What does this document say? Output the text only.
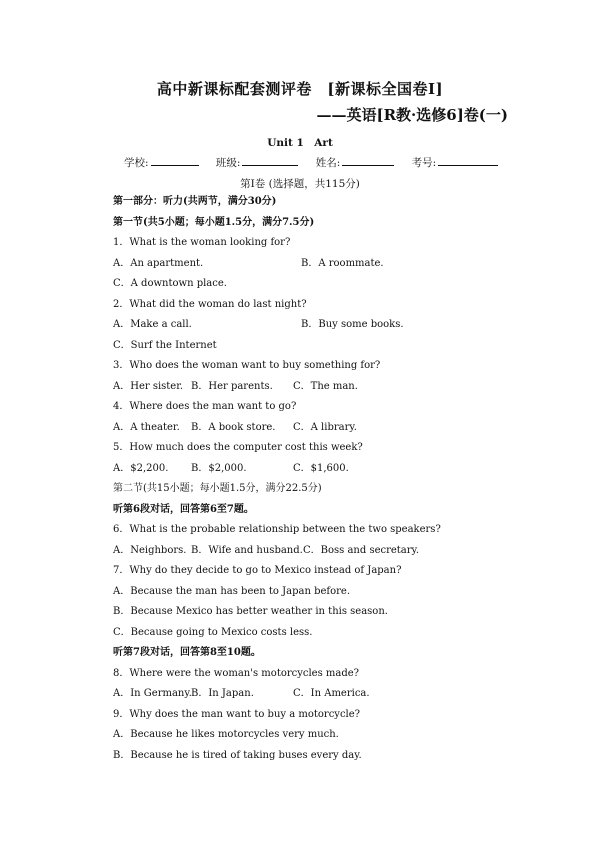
高中新课标配套测评卷　[新课标全国卷Ⅰ]
——英语[R教·选修6]卷(一)
Unit 1　Art
学校:	班级:	姓名:	考号:
第Ⅰ卷 (选择题，共115分)
第一部分：听力(共两节，满分30分)
第一节(共5小题；每小题1.5分，满分7.5分)
1．What is the woman looking for?
A．An apartment.	B．A roommate.
C．A downtown place.
2．What did the woman do last night?
A．Make a call.	B．Buy some books.
C．Surf the Internet
3．Who does the woman want to buy something for?
A．Her sister. B．Her parents. C．The man.
4．Where does the man want to go?
A．A theater. B．A book store. C．A library.
5．How much does the computer cost this week?
A．$2,200. B．$2,000.	C．$1,600.
第二节(共15小题；每小题1.5分，满分22.5分)
听第6段对话，回答第6至7题。
6．What is the probable relationship between the two speakers?
A．Neighbors. B．Wife and husband. C．Boss and secretary.
7．Why do they decide to go to Mexico instead of Japan?
A．Because the man has been to Japan before.
B．Because Mexico has better weather in this season.
C．Because going to Mexico costs less.
听第7段对话，回答第8至10题。
8．Where were the woman's motorcycles made?
A．In Germany. B．In Japan.	C．In America.
9．Why does the man want to buy a motorcycle?
A．Because he likes motorcycles very much.
B．Because he is tired of taking buses every day.
